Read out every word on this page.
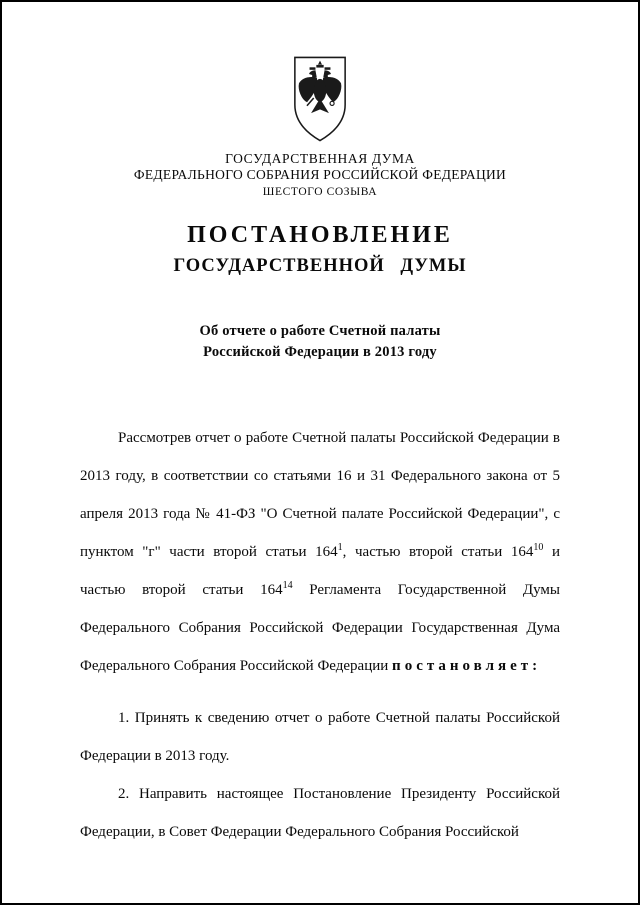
ГОСУДАРСТВЕННАЯ ДУМА
ФЕДЕРАЛЬНОГО СОБРАНИЯ РОССИЙСКОЙ ФЕДЕРАЦИИ
ШЕСТОГО СОЗЫВА
ПОСТАНОВЛЕНИЕ
ГОСУДАРСТВЕННОЙ ДУМЫ
Об отчете о работе Счетной палаты
Российской Федерации в 2013 году

Рассмотрев отчет о работе Счетной палаты Российской Федерации в 2013 году, в соответствии со статьями 16 и 31 Федерального закона от 5 апреля 2013 года № 41-ФЗ "О Счетной палате Российской Федерации", с пунктом "г" части второй статьи $164^1$, частью второй статьи $164^{10}$ и частью второй статьи $164^{14}$ Регламента Государственной Думы Федерального Собрания Российской Федерации Государственная Дума Федерального Собрания Российской Федерации постановляет:

1. Принять к сведению отчет о работе Счетной палаты Российской Федерации в 2013 году.

2. Направить настоящее Постановление Президенту Российской Федерации, в Совет Федерации Федерального Собрания Российской
